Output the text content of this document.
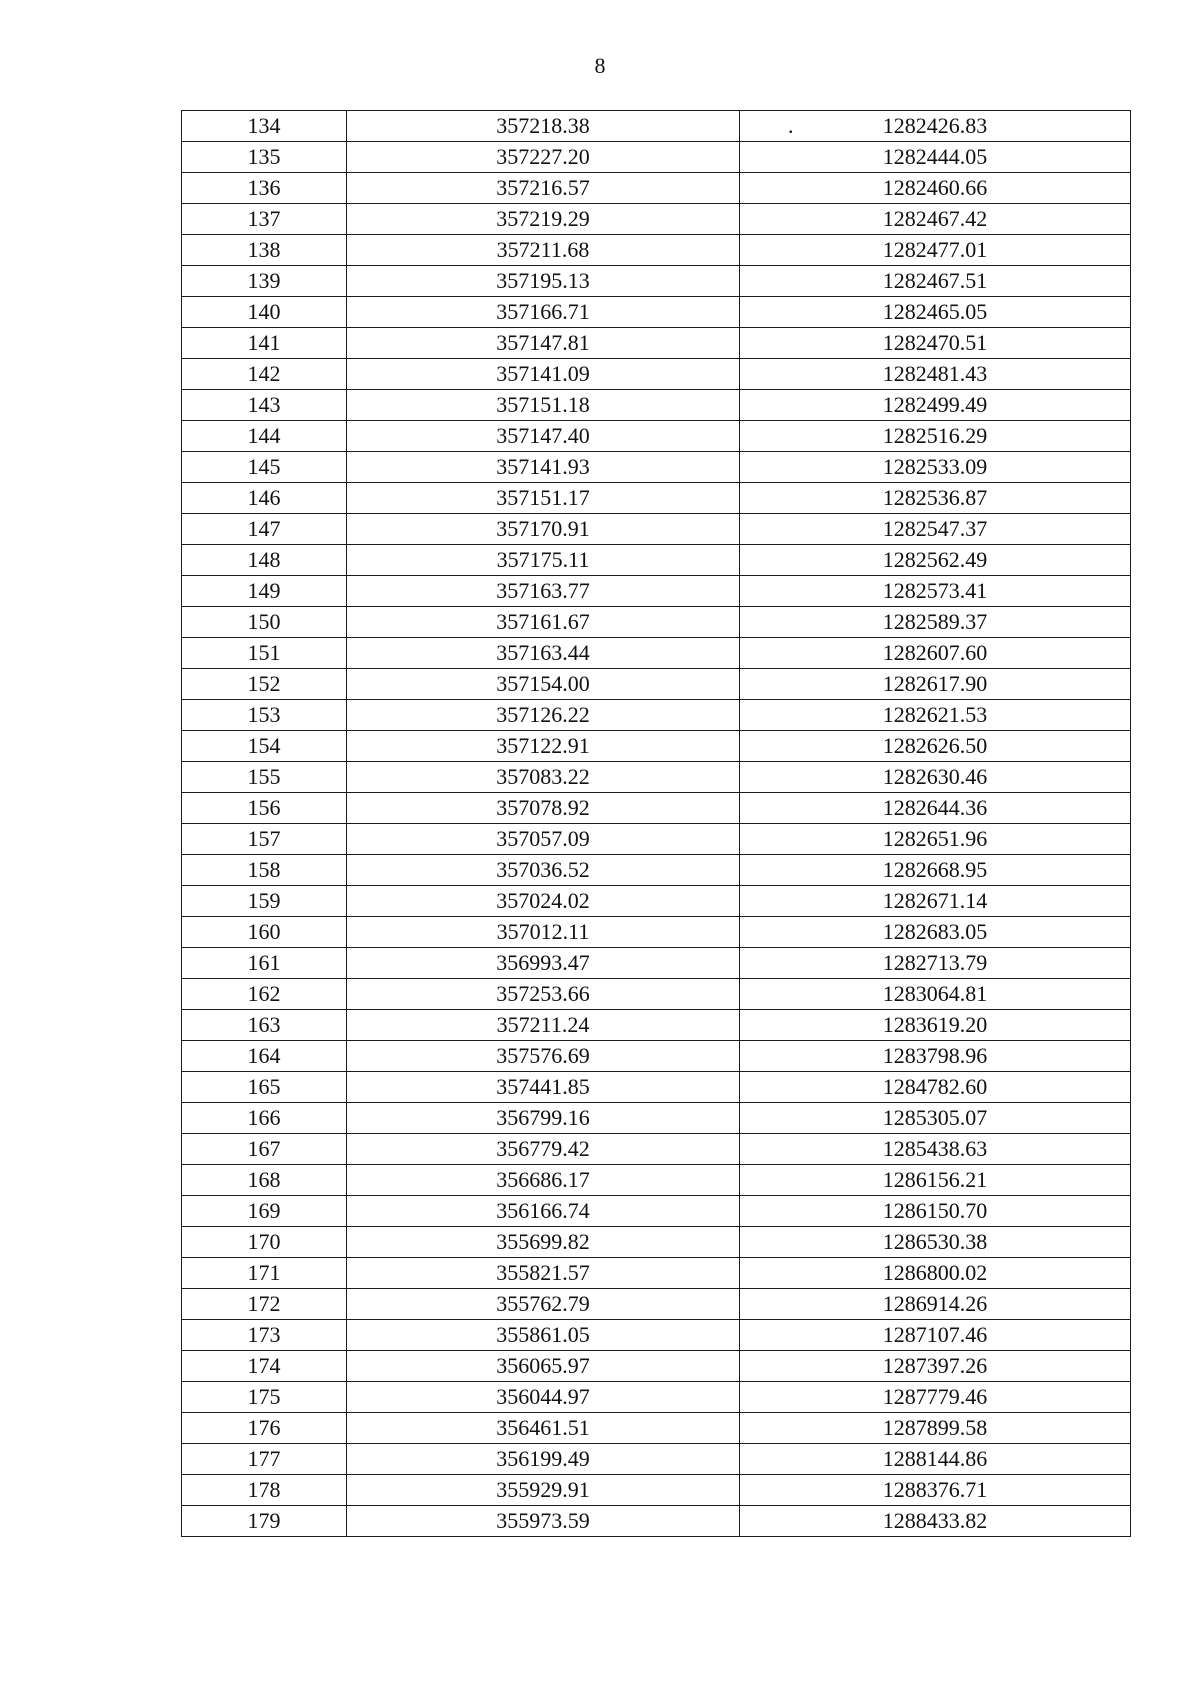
8
134	357218.38	. 1282426.83
135	357227.20	1282444.05
136	357216.57	1282460.66
137	357219.29	1282467.42
138	357211.68	1282477.01
139	357195.13	1282467.51
140	357166.71	1282465.05
141	357147.81	1282470.51
142	357141.09	1282481.43
143	357151.18	1282499.49
144	357147.40	1282516.29
145	357141.93	1282533.09
146	357151.17	1282536.87
147	357170.91	1282547.37
148	357175.11	1282562.49
149	357163.77	1282573.41
150	357161.67	1282589.37
151	357163.44	1282607.60
152	357154.00	1282617.90
153	357126.22	1282621.53
154	357122.91	1282626.50
155	357083.22	1282630.46
156	357078.92	1282644.36
157	357057.09	1282651.96
158	357036.52	1282668.95
159	357024.02	1282671.14
160	357012.11	1282683.05
161	356993.47	1282713.79
162	357253.66	1283064.81
163	357211.24	1283619.20
164	357576.69	1283798.96
165	357441.85	1284782.60
166	356799.16	1285305.07
167	356779.42	1285438.63
168	356686.17	1286156.21
169	356166.74	1286150.70
170	355699.82	1286530.38
171	355821.57	1286800.02
172	355762.79	1286914.26
173	355861.05	1287107.46
174	356065.97	1287397.26
175	356044.97	1287779.46
176	356461.51	1287899.58
177	356199.49	1288144.86
178	355929.91	1288376.71
179	355973.59	1288433.82
